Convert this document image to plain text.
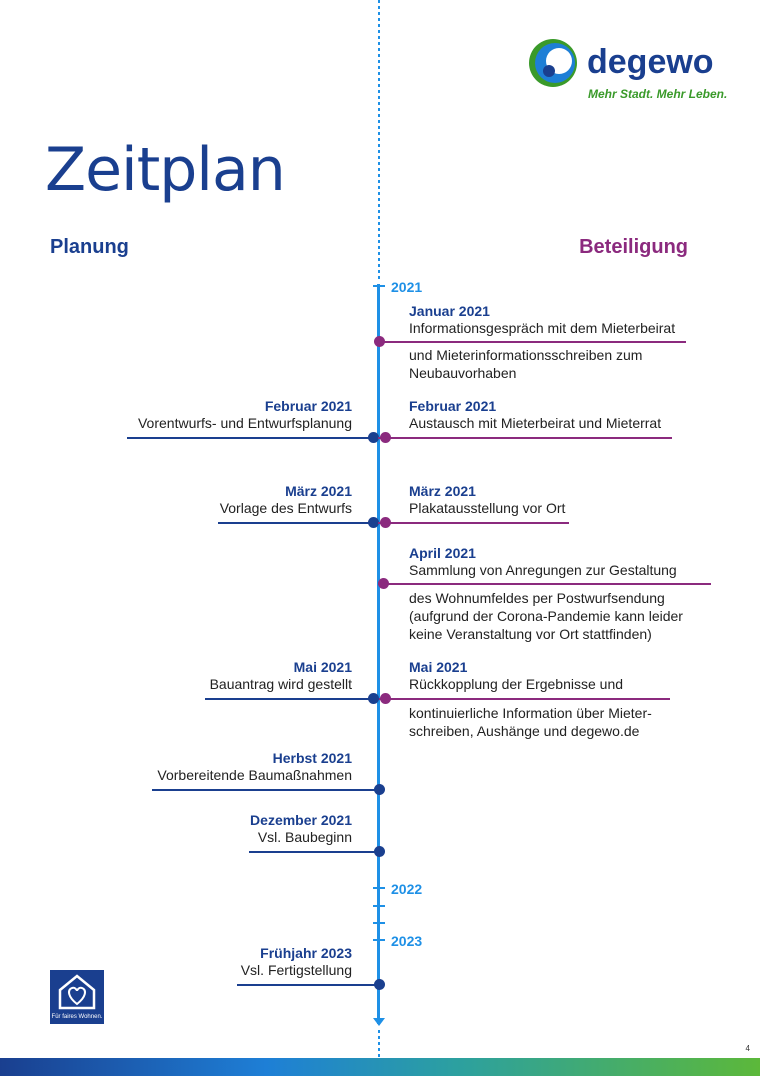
degewo
Mehr Stadt. Mehr Leben.
Zeitplan
Planung	Beteiligung
2021
2022
2023
Februar 2021
Vorentwurfs- und Entwurfsplanung
März 2021
Vorlage des Entwurfs
Mai 2021
Bauantrag wird gestellt
Herbst 2021
Vorbereitende Baumaßnahmen
Dezember 2021
Vsl. Baubeginn
Frühjahr 2023
Vsl. Fertigstellung
Januar 2021
Informationsgespräch mit dem Mieterbeirat
und Mieterinformationsschreiben zum
Neubauvorhaben
Februar 2021
Austausch mit Mieterbeirat und Mieterrat
März 2021
Plakatausstellung vor Ort
April 2021
Sammlung von Anregungen zur Gestaltung
des Wohnumfeldes per Postwurfsendung
(aufgrund der Corona-Pandemie kann leider
keine Veranstaltung vor Ort stattfinden)
Mai 2021
Rückkopplung der Ergebnisse und
kontinuierliche Information über Mieter-
schreiben, Aushänge und degewo.de
Für faires Wohnen.
4
